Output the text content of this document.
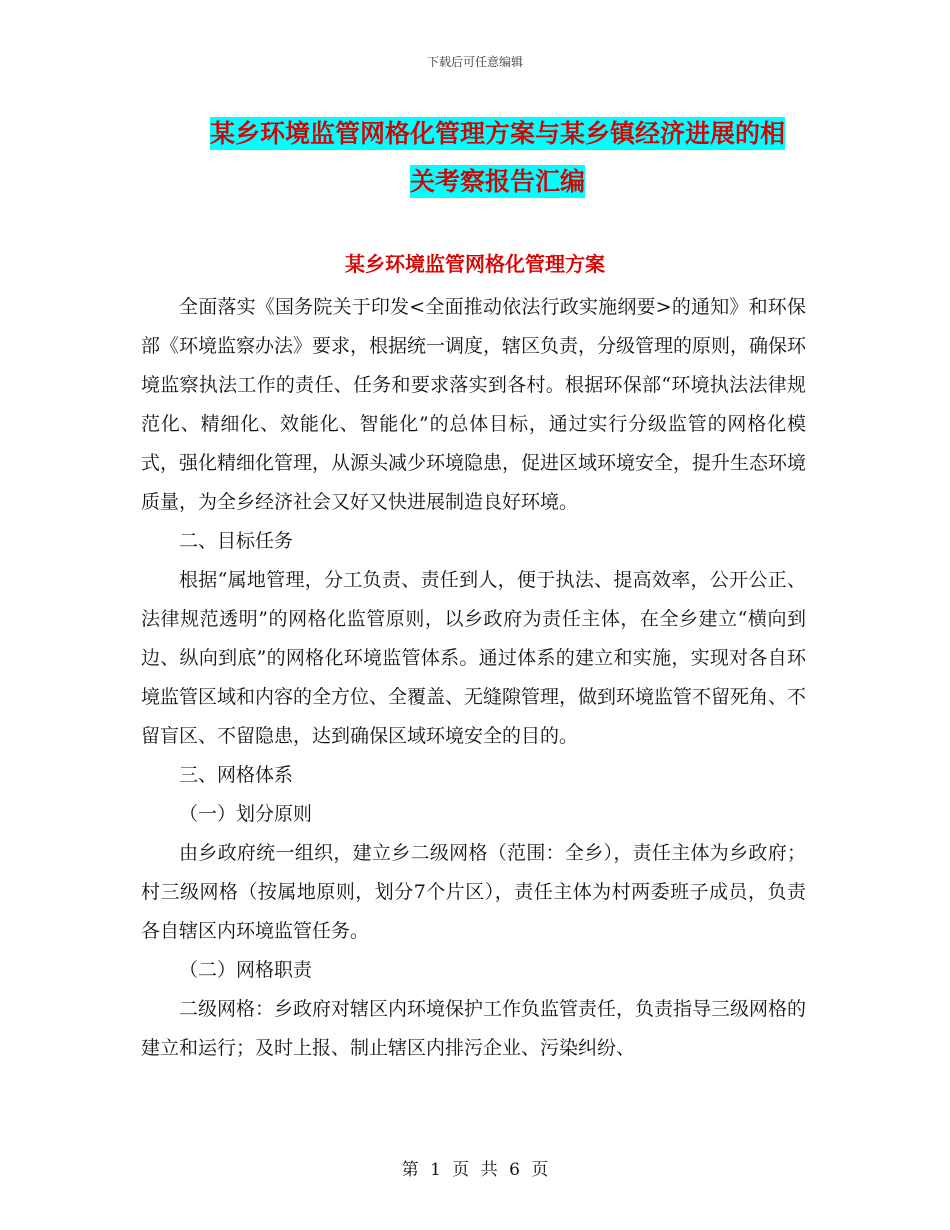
下载后可任意编辑
某乡环境监管网格化管理方案与某乡镇经济进展的相
关考察报告汇编
某乡环境监管网格化管理方案

全面落实《国务院关于印发<全面推动依法行政实施纲要>的通知》和环保部《环境监察办法》要求，根据统一调度，辖区负责，分级管理的原则，确保环境监察执法工作的责任、任务和要求落实到各村。根据环保部“环境执法法律规范化、精细化、效能化、智能化”的总体目标，通过实行分级监管的网格化模式，强化精细化管理，从源头减少环境隐患，促进区域环境安全，提升生态环境质量，为全乡经济社会又好又快进展制造良好环境。

二、目标任务

根据“属地管理，分工负责、责任到人，便于执法、提高效率，公开公正、法律规范透明”的网格化监管原则，以乡政府为责任主体，在全乡建立“横向到边、纵向到底”的网格化环境监管体系。通过体系的建立和实施，实现对各自环境监管区域和内容的全方位、全覆盖、无缝隙管理，做到环境监管不留死角、不留盲区、不留隐患，达到确保区域环境安全的目的。

三、网格体系

（一）划分原则

由乡政府统一组织，建立乡二级网格（范围：全乡），责任主体为乡政府；村三级网格（按属地原则，划分7个片区），责任主体为村两委班子成员，负责各自辖区内环境监管任务。

（二）网格职责

二级网格：乡政府对辖区内环境保护工作负监管责任，负责指导三级网格的建立和运行；及时上报、制止辖区内排污企业、污染纠纷、

第 1 页 共 6 页
